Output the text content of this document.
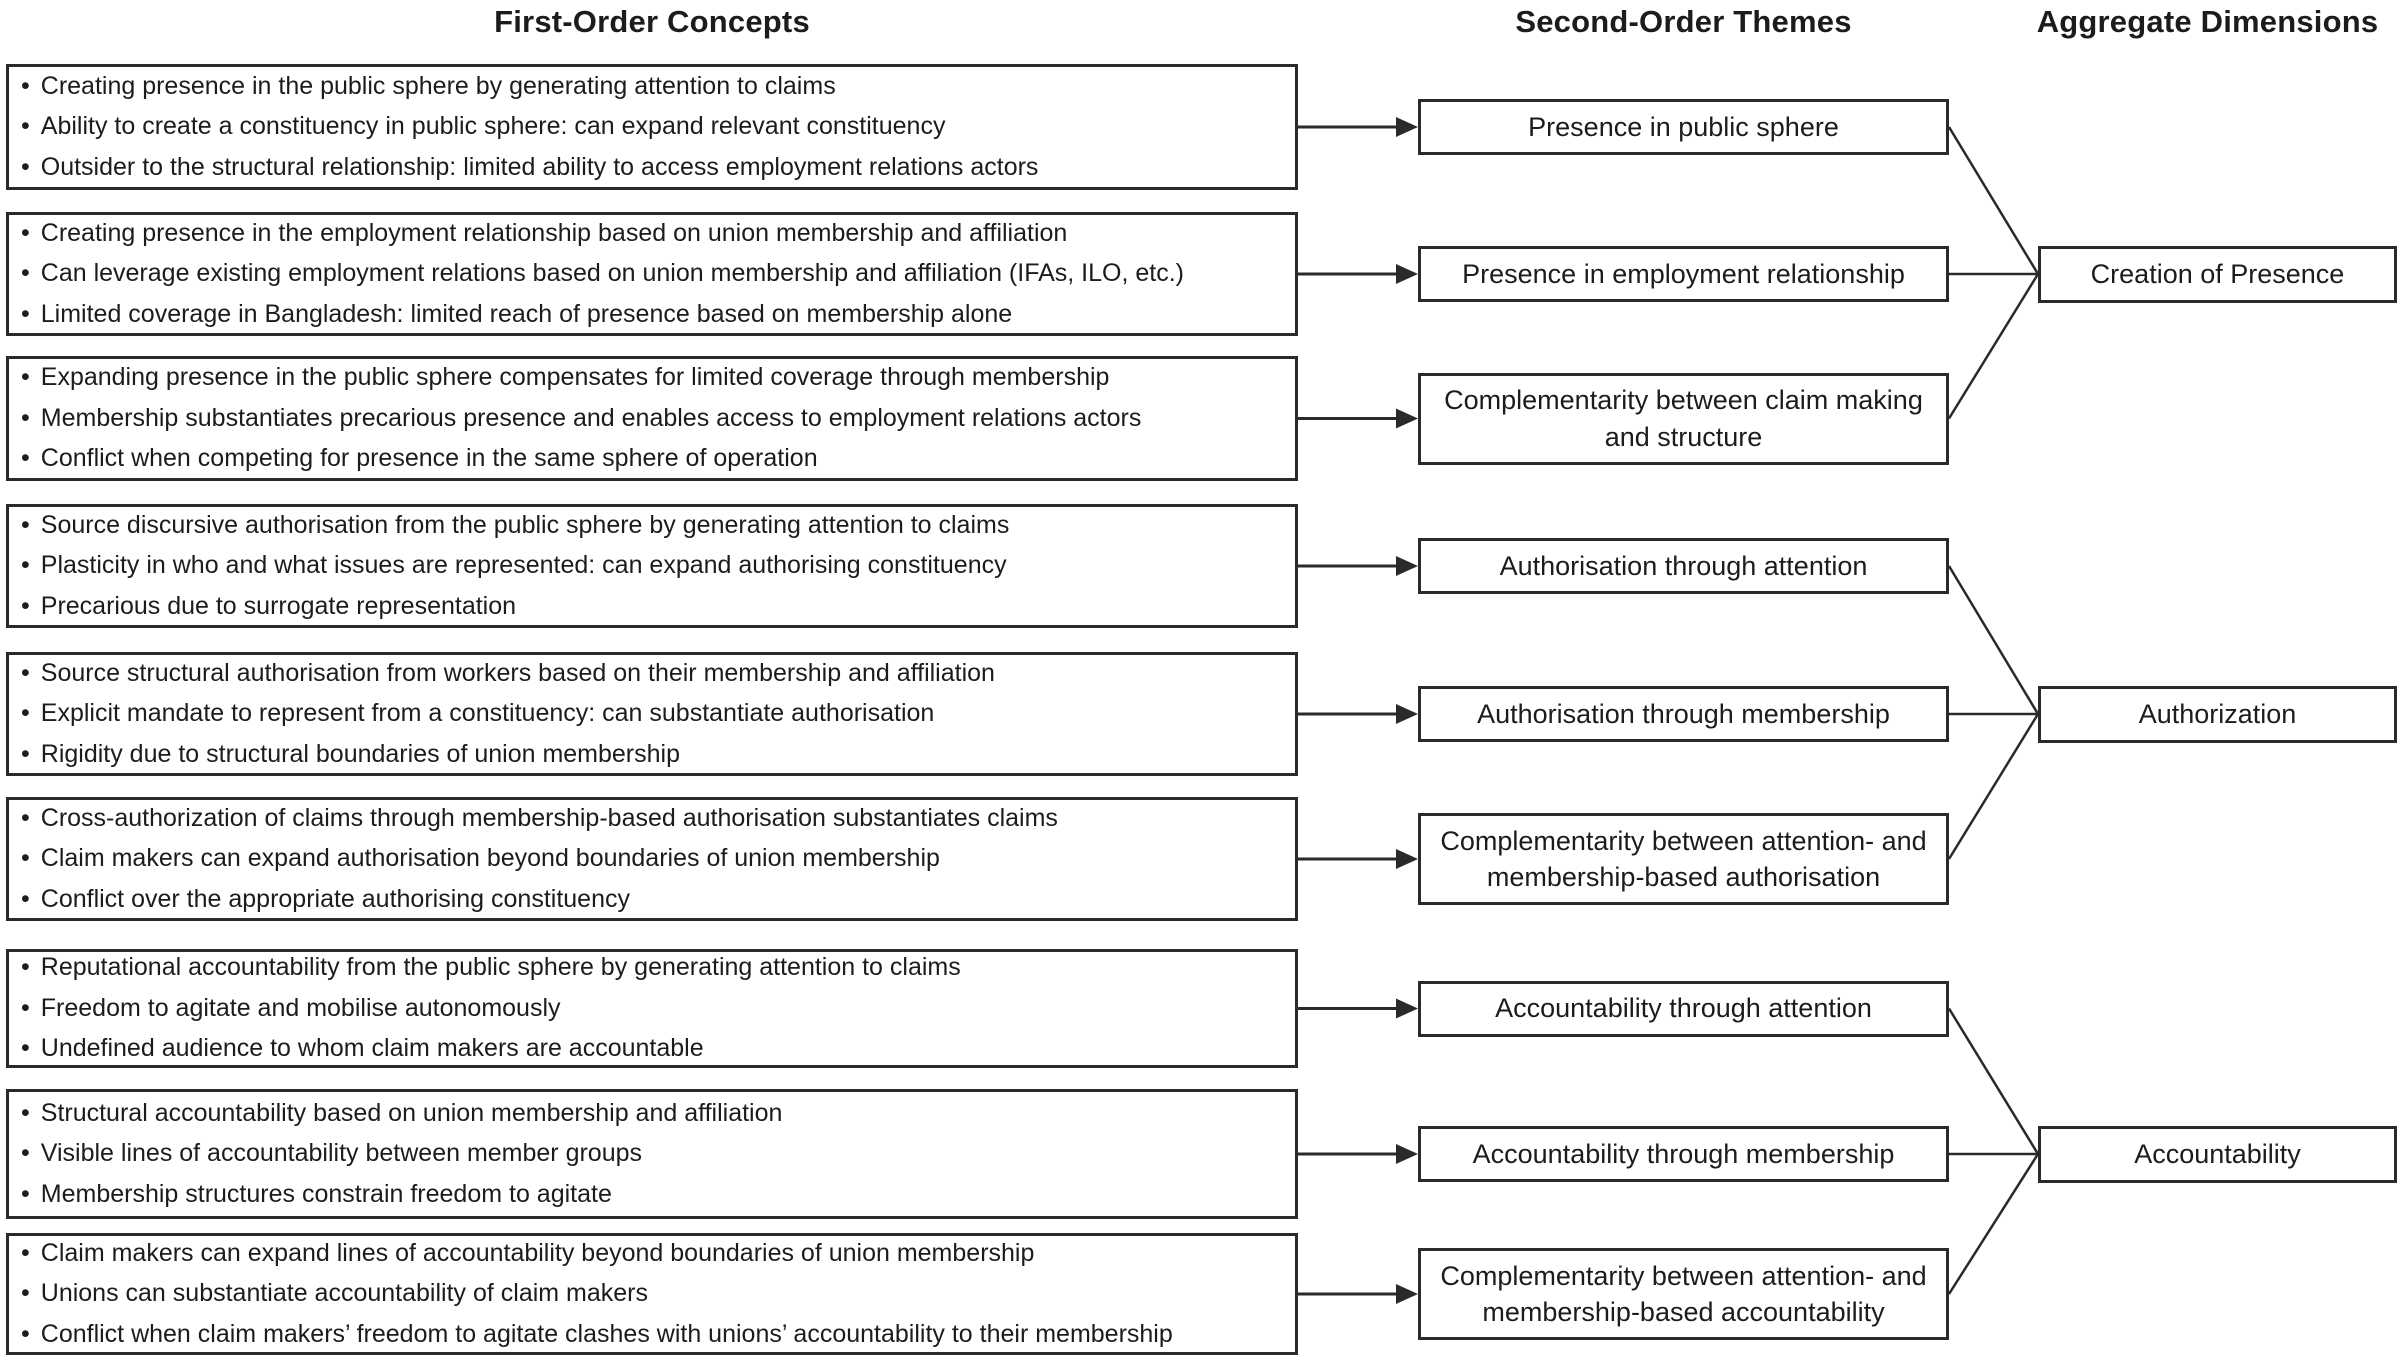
First-Order Concepts	Second-Order Themes	Aggregate Dimensions
• Creating presence in the public sphere by generating attention to claims
• Ability to create a constituency in public sphere: can expand relevant constituency
• Outsider to the structural relationship: limited ability to access employment relations actors
Presence in public sphere
• Creating presence in the employment relationship based on union membership and affiliation
• Can leverage existing employment relations based on union membership and affiliation (IFAs, ILO, etc.)
• Limited coverage in Bangladesh: limited reach of presence based on membership alone
Presence in employment relationship
• Expanding presence in the public sphere compensates for limited coverage through membership
• Membership substantiates precarious presence and enables access to employment relations actors
• Conflict when competing for presence in the same sphere of operation
Complementarity between claim making and structure
Creation of Presence
• Source discursive authorisation from the public sphere by generating attention to claims
• Plasticity in who and what issues are represented: can expand authorising constituency
• Precarious due to surrogate representation
Authorisation through attention
• Source structural authorisation from workers based on their membership and affiliation
• Explicit mandate to represent from a constituency: can substantiate authorisation
• Rigidity due to structural boundaries of union membership
Authorisation through membership
• Cross-authorization of claims through membership-based authorisation substantiates claims
• Claim makers can expand authorisation beyond boundaries of union membership
• Conflict over the appropriate authorising constituency
Complementarity between attention- and membership-based authorisation
Authorization
• Reputational accountability from the public sphere by generating attention to claims
• Freedom to agitate and mobilise autonomously
• Undefined audience to whom claim makers are accountable
Accountability through attention
• Structural accountability based on union membership and affiliation
• Visible lines of accountability between member groups
• Membership structures constrain freedom to agitate
Accountability through membership
• Claim makers can expand lines of accountability beyond boundaries of union membership
• Unions can substantiate accountability of claim makers
• Conflict when claim makers’ freedom to agitate clashes with unions’ accountability to their membership
Complementarity between attention- and membership-based accountability
Accountability
